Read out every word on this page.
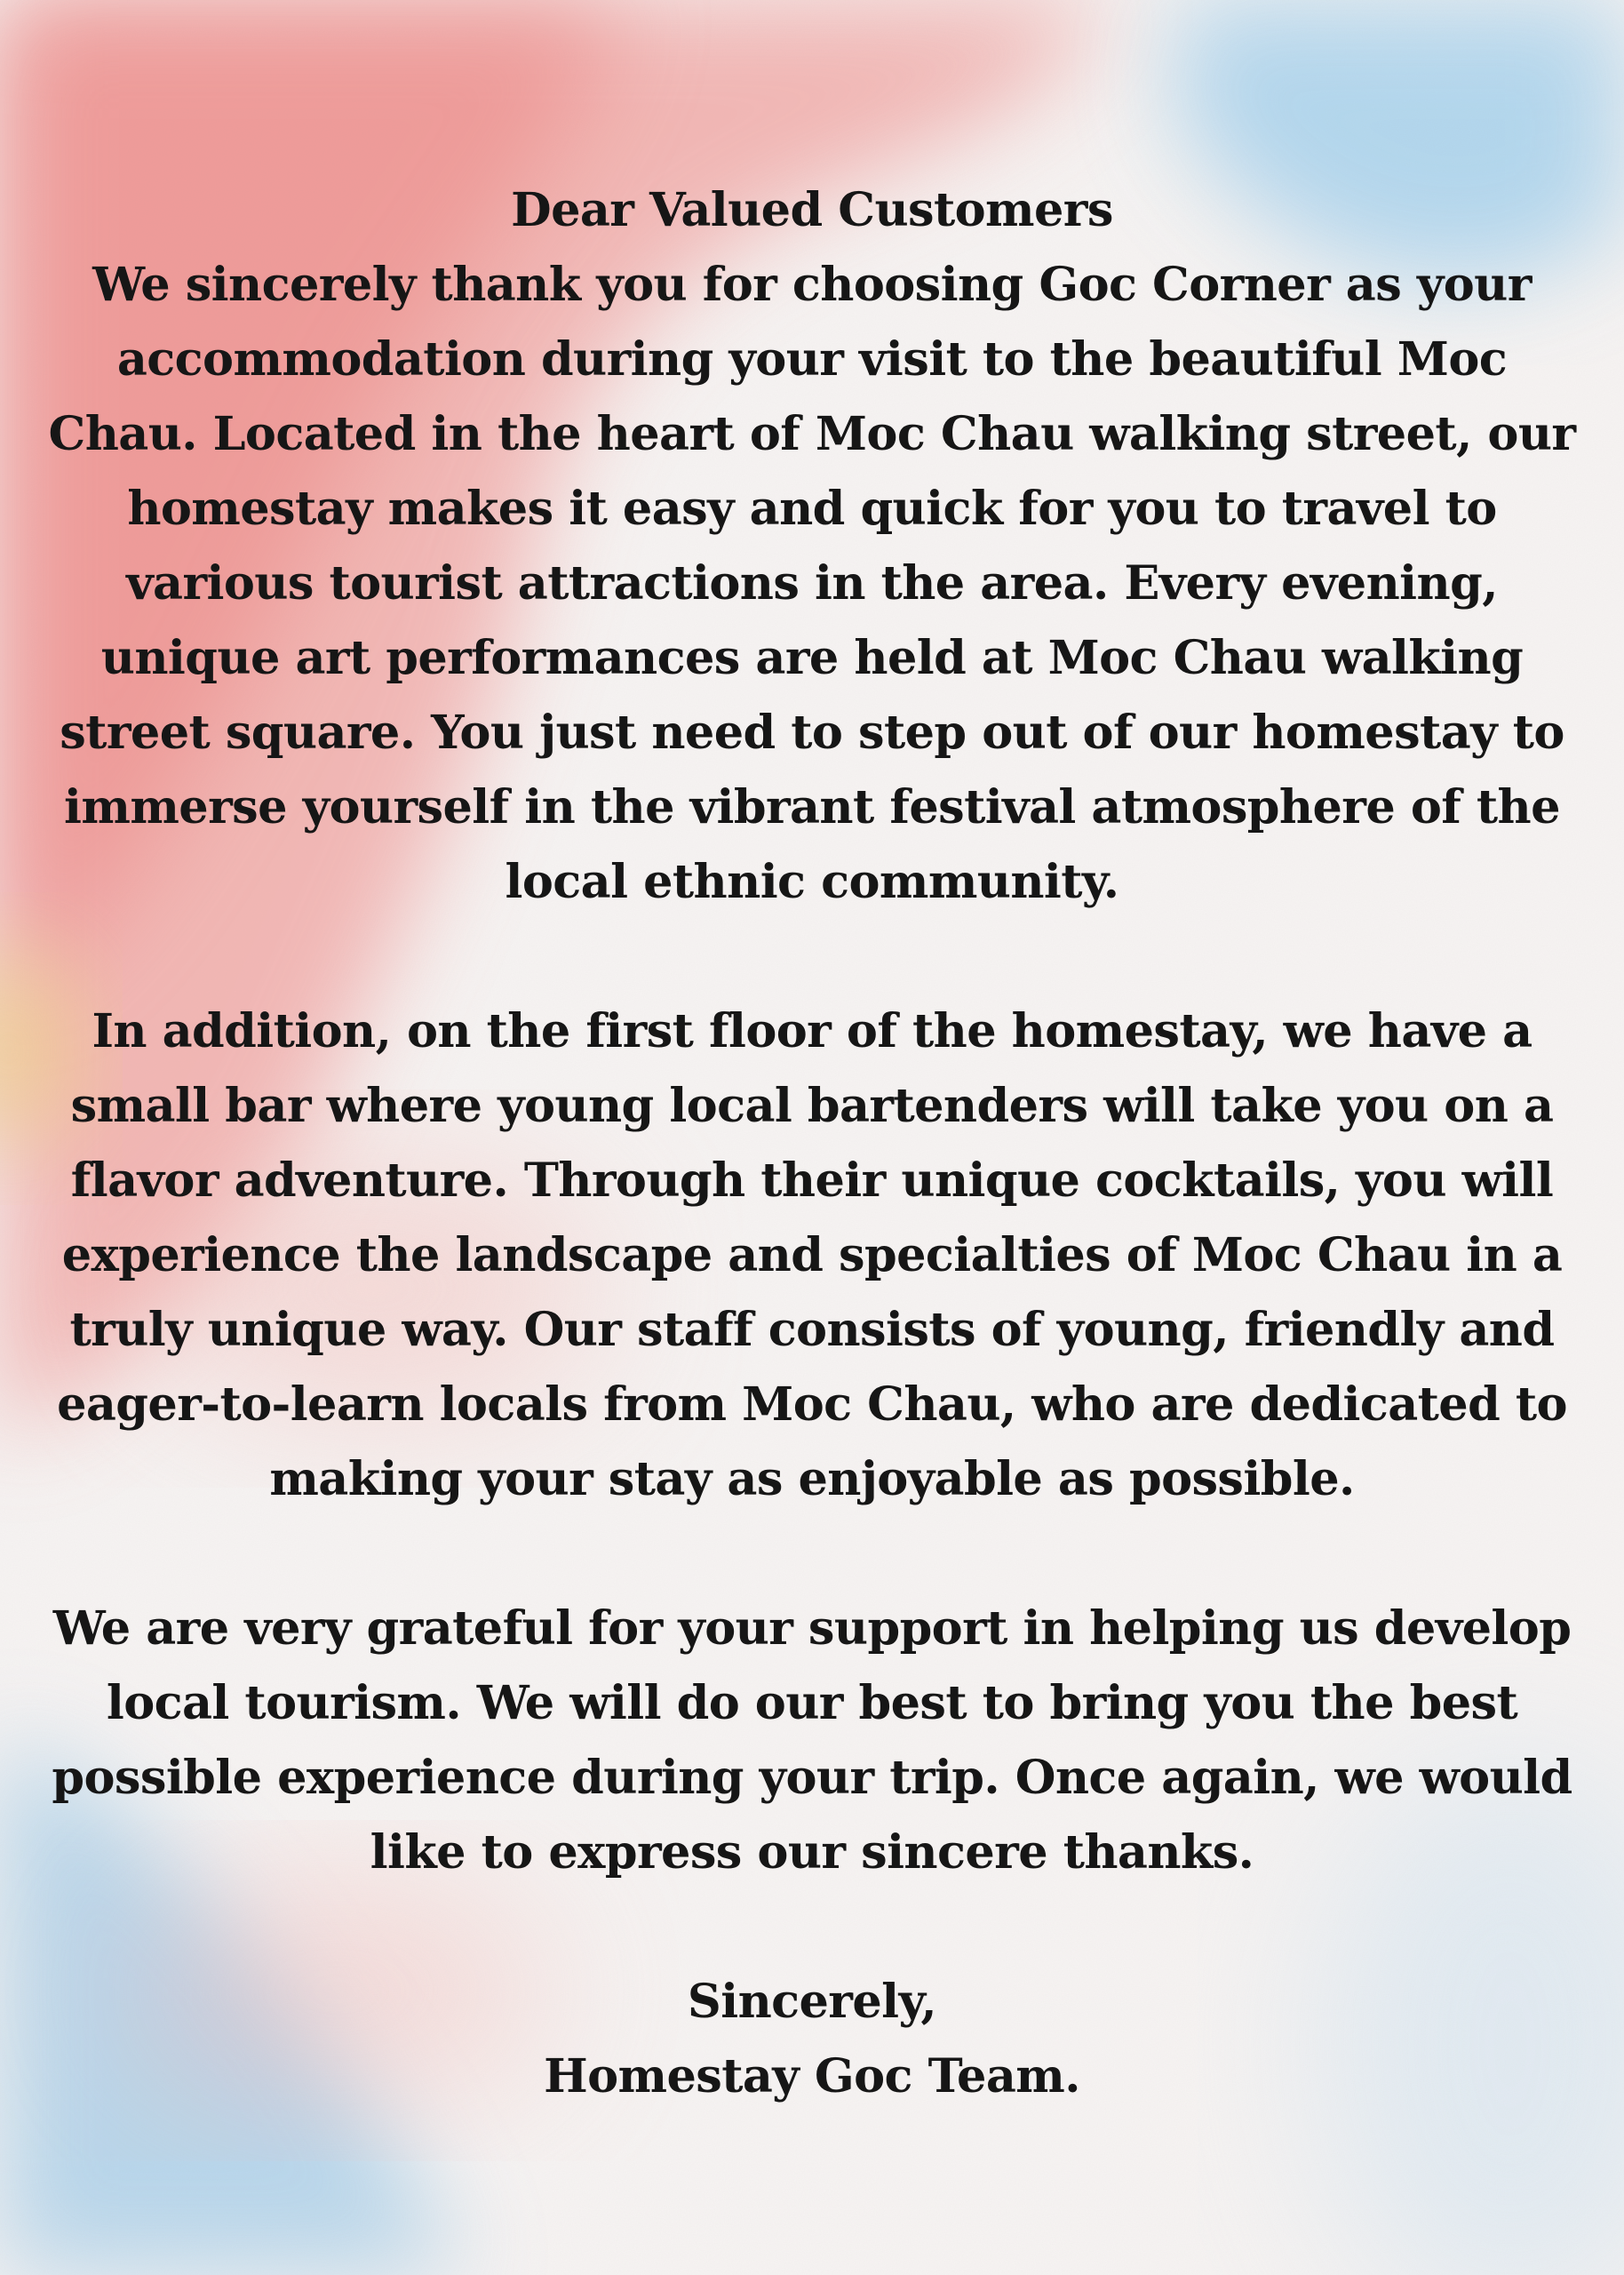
Dear Valued Customers
We sincerely thank you for choosing Goc Corner as your
accommodation during your visit to the beautiful Moc
Chau. Located in the heart of Moc Chau walking street, our
homestay makes it easy and quick for you to travel to
various tourist attractions in the area. Every evening,
unique art performances are held at Moc Chau walking
street square. You just need to step out of our homestay to
immerse yourself in the vibrant festival atmosphere of the
local ethnic community.
In addition, on the first floor of the homestay, we have a
small bar where young local bartenders will take you on a
flavor adventure. Through their unique cocktails, you will
experience the landscape and specialties of Moc Chau in a
truly unique way. Our staff consists of young, friendly and
eager-to-learn locals from Moc Chau, who are dedicated to
making your stay as enjoyable as possible.
We are very grateful for your support in helping us develop
local tourism. We will do our best to bring you the best
possible experience during your trip. Once again, we would
like to express our sincere thanks.
Sincerely,
Homestay Goc Team.
